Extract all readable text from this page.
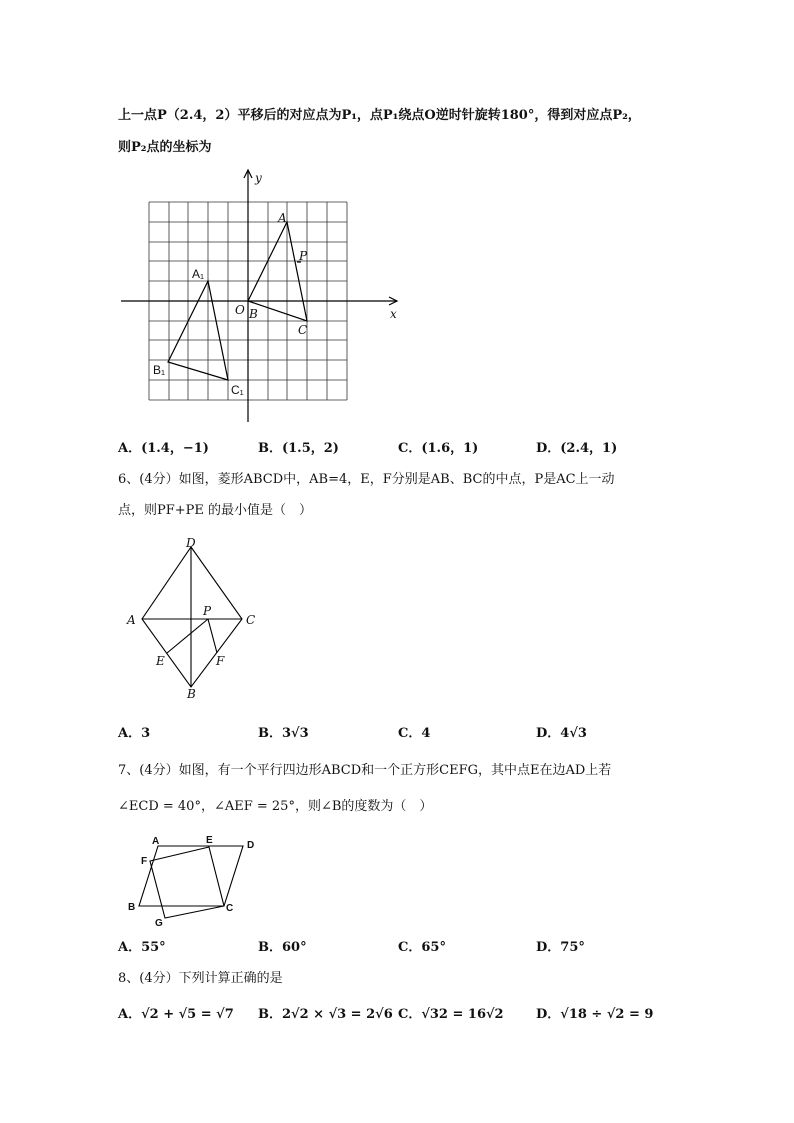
上一点P（2.4，2）平移后的对应点为P₁，点P₁绕点O逆时针旋转180°，得到对应点P₂，
则P₂点的坐标为
y
x
O B
C
A
P
A₁
B₁
C₁
A．(1.4，−1)	B．(1.5，2)	C．(1.6，1)	D．(2.4，1)
6、(4分）如图，菱形ABCD中，AB=4，E，F分别是AB、BC的中点，P是AC上一动
点，则PF+PE 的最小值是（　）
D
A	C
B
P
E	F
A．3	B．3√3	C．4	D．4√3
7、(4分）如图，有一个平行四边形ABCD和一个正方形CEFG，其中点E在边AD上若
∠ECD = 40°，∠AEF = 25°，则∠B的度数为（　）
A	E	D
F
B
G
C
A．55°	B．60°	C．65°	D．75°
8、(4分）下列计算正确的是
A．√2 + √5 = √7 B．2√2 × √3 = 2√6 C．√32 = 16√2 D．√18 ÷ √2 = 9
